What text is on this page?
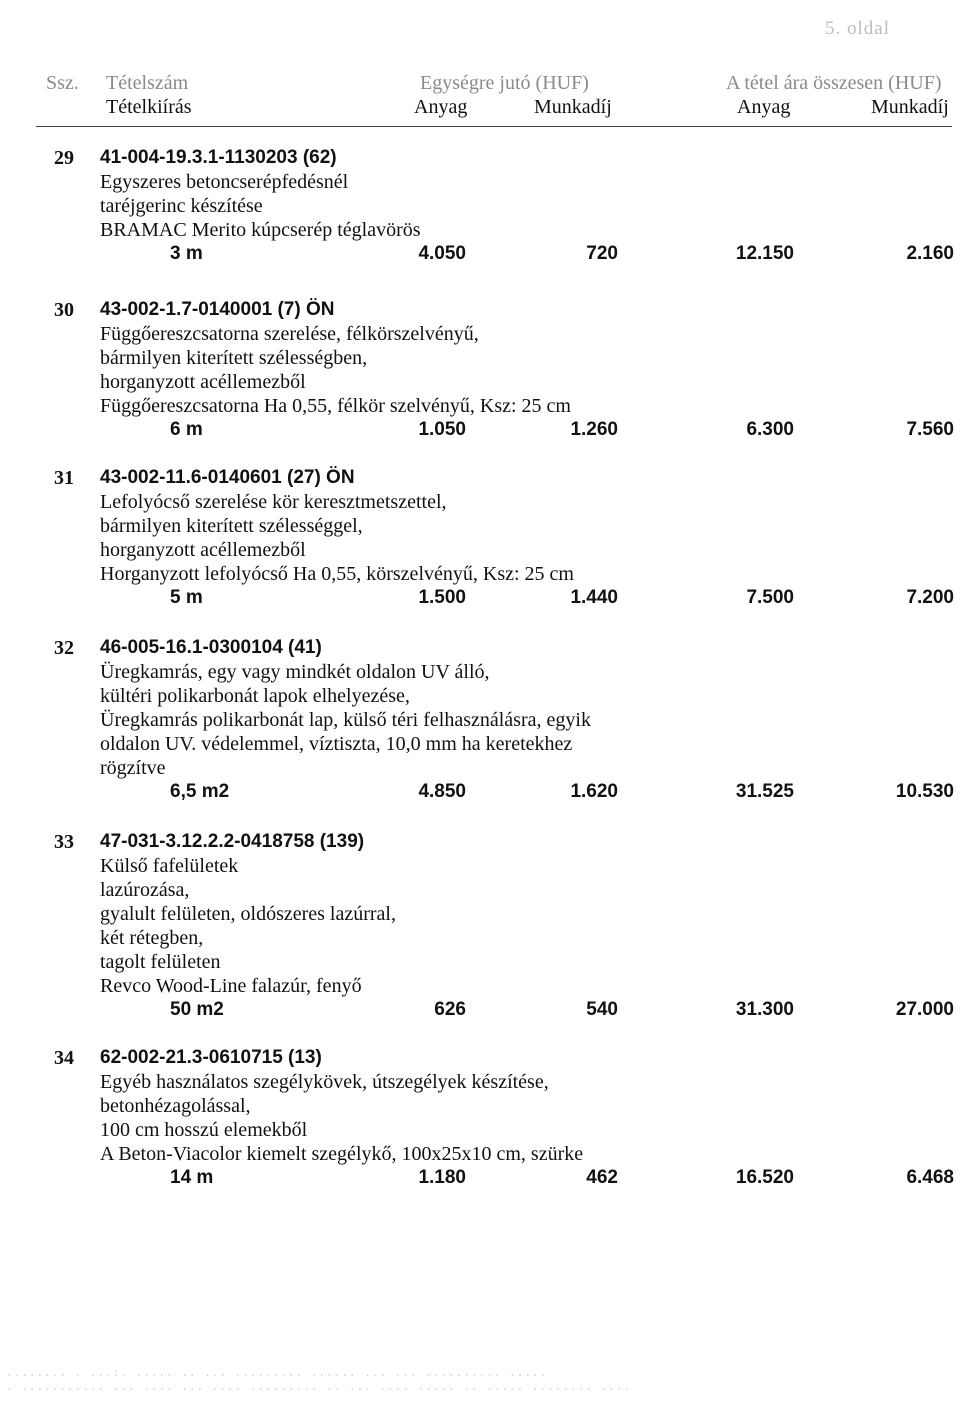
5. oldal
Ssz. Tételszám	Egységre jutó (HUF)	A tétel ára összesen (HUF)
Tételkiírás	Anyag	Munkadíj	Anyag	Munkadíj
29 41-004-19.3.1-1130203 (62)
Egyszeres betoncserépfedésnél
taréjgerinc készítése
BRAMAC Merito kúpcserép téglavörös
3 m	4.050	720	12.150	2.160
30 43-002-1.7-0140001 (7) ÖN
Függőereszcsatorna szerelése, félkörszelvényű,
bármilyen kiterített szélességben,
horganyzott acéllemezből
Függőereszcsatorna Ha 0,55, félkör szelvényű, Ksz: 25 cm
6 m	1.050	1.260	6.300	7.560
31 43-002-11.6-0140601 (27) ÖN
Lefolyócső szerelése kör keresztmetszettel,
bármilyen kiterített szélességgel,
horganyzott acéllemezből
Horganyzott lefolyócső Ha 0,55, körszelvényű, Ksz: 25 cm
5 m	1.500	1.440	7.500	7.200
32 46-005-16.1-0300104 (41)
Üregkamrás, egy vagy mindkét oldalon UV álló,
kültéri polikarbonát lapok elhelyezése,
Üregkamrás polikarbonát lap, külső téri felhasználásra, egyik
oldalon UV. védelemmel, víztiszta, 10,0 mm ha keretekhez
rögzítve
6,5 m2	4.850	1.620	31.525	10.530
33 47-031-3.12.2.2-0418758 (139)
Külső fafelületek
lazúrozása,
gyalult felületen, oldószeres lazúrral,
két rétegben,
tagolt felületen
Revco Wood-Line falazúr, fenyő
50 m2	626	540	31.300	27.000
34 62-002-21.3-0610715 (13)
Egyéb használatos szegélykövek, útszegélyek készítése,
betonhézagolással,
100 cm hosszú elemekből
A Beton-Viacolor kiemelt szegélykő, 100x25x10 cm, szürke
14 m	1.180	462	16.520	6.468
........ . ...:. ..... .. ... ......... ...... ... ... .......... .....
. ........... ... .... ... .... ......... .. ... .... ..... .. ..... ........ ....
